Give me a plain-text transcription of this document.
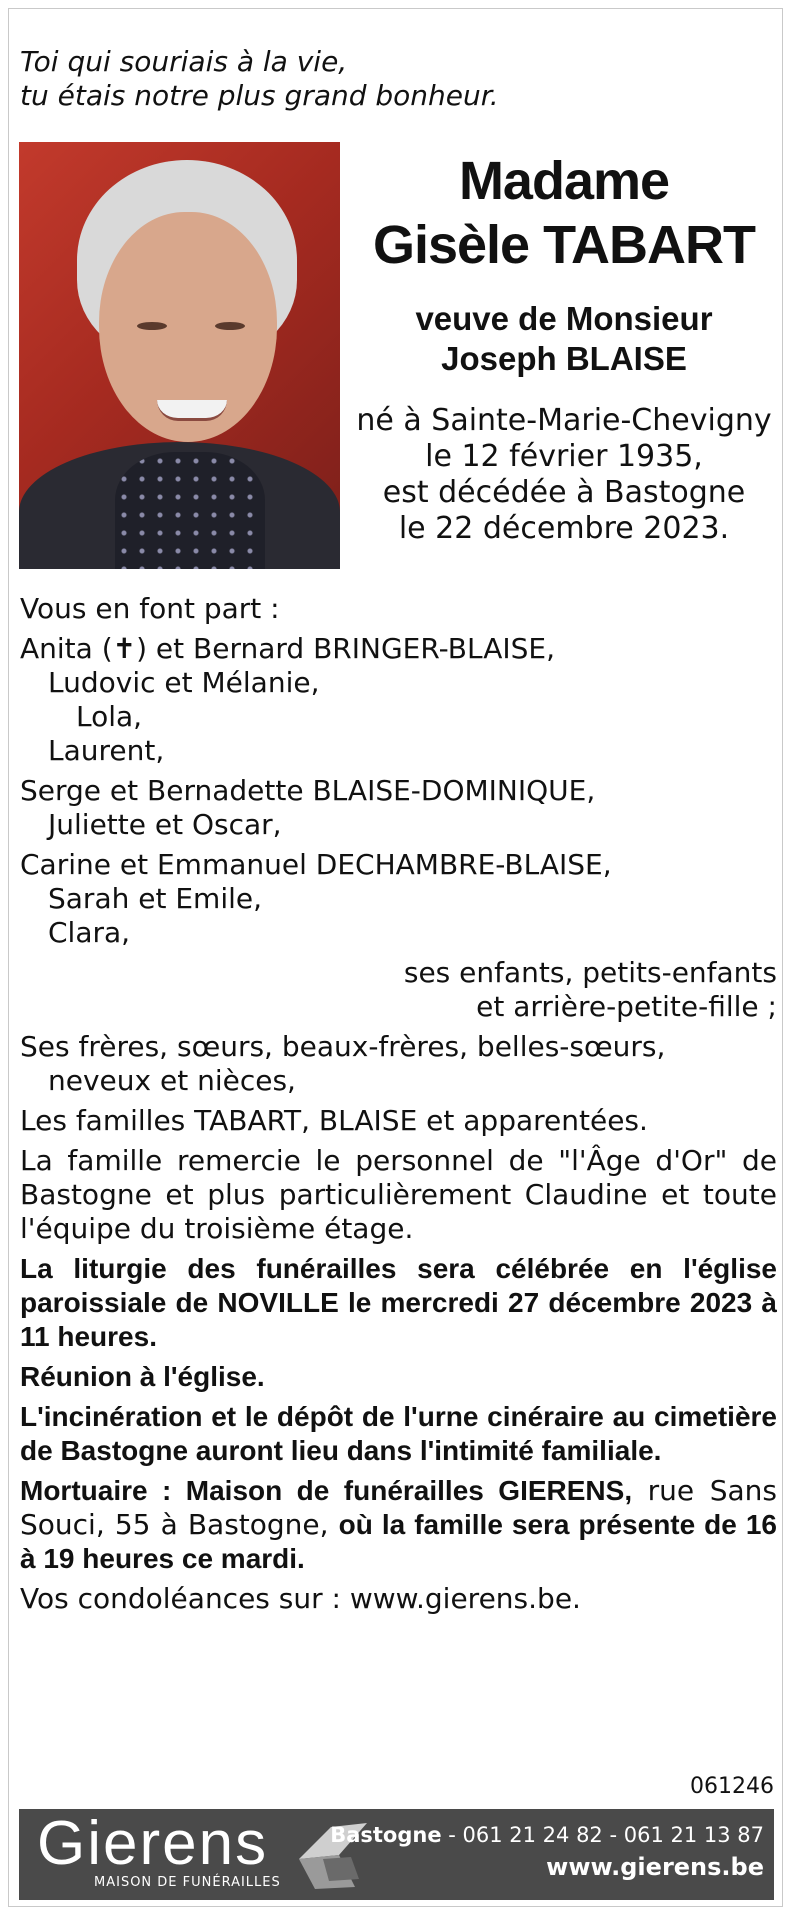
Toi qui souriais à la vie,
tu étais notre plus grand bonheur.
Madame
Gisèle TABART
veuve de Monsieur
Joseph BLAISE
né à Sainte-Marie-Chevigny
le 12 février 1935,
est décédée à Bastogne
le 22 décembre 2023.

Vous en font part :

Anita (✝) et Bernard BRINGER-BLAISE,

Ludovic et Mélanie,

Lola,

Laurent,

Serge et Bernadette BLAISE-DOMINIQUE,

Juliette et Oscar,

Carine et Emmanuel DECHAMBRE-BLAISE,

Sarah et Emile,

Clara,

ses enfants, petits-enfants

et arrière-petite-fille ;

Ses frères, sœurs, beaux-frères, belles-sœurs,

neveux et nièces,

Les familles TABART, BLAISE et apparentées.

La famille remercie le personnel de "l'Âge d'Or" de Bastogne et plus particulièrement Claudine et toute l'équipe du troisième étage.

La liturgie des funérailles sera célébrée en l'église paroissiale de NOVILLE le mercredi 27 décembre 2023 à 11 heures.

Réunion à l'église.

L'incinération et le dépôt de l'urne cinéraire au cimetière de Bastogne auront lieu dans l'intimité familiale.

Mortuaire : Maison de funérailles GIERENS, rue Sans Souci, 55 à Bastogne, où la famille sera présente de 16 à 19 heures ce mardi.

Vos condoléances sur : www.gierens.be.

061246
Gierens
MAISON DE FUNÉRAILLES
Bastogne - 061 21 24 82 - 061 21 13 87
www.gierens.be
